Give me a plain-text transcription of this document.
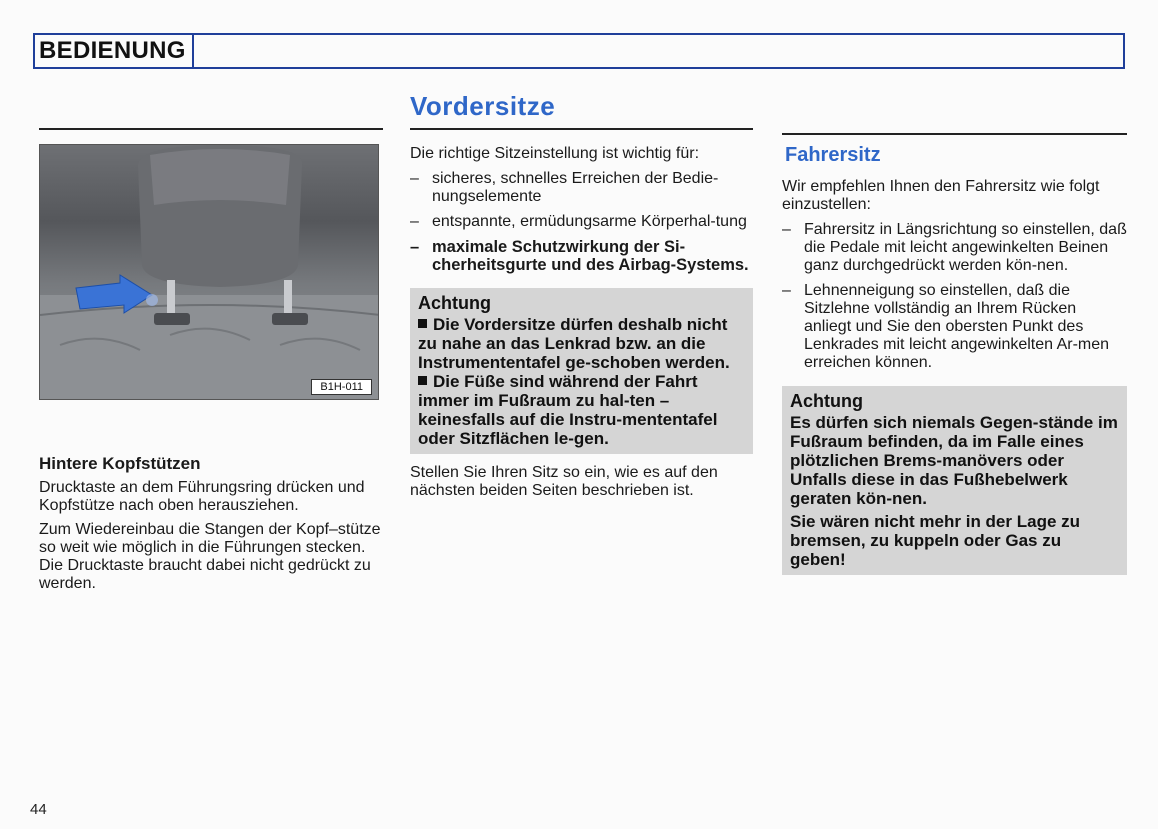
BEDIENUNG
Vordersitze
B1H-011

Hintere Kopfstützen

Drucktaste an dem Führungsring drücken und Kopfstütze nach oben herausziehen.

Zum Wiedereinbau die Stangen der Kopf–stütze so weit wie möglich in die Führungen stecken. Die Drucktaste braucht dabei nicht gedrückt zu werden.

Die richtige Sitzeinstellung ist wichtig für:

– sicheres, schnelles Erreichen der Bedie-nungselemente
– entspannte, ermüdungsarme Körperhal-tung
– maximale Schutzwirkung der Si-cherheitsgurte und des Airbag-Systems.
Achtung
Die Vordersitze dürfen deshalb nicht zu nahe an das Lenkrad bzw. an die Instrumententafel ge-schoben werden.
Die Füße sind während der Fahrt immer im Fußraum zu hal-ten – keinesfalls auf die Instru-mententafel oder Sitzflächen le-gen.

Stellen Sie Ihren Sitz so ein, wie es auf den nächsten beiden Seiten beschrieben ist.

Fahrersitz

Wir empfehlen Ihnen den Fahrersitz wie folgt einzustellen:

– Fahrersitz in Längsrichtung so einstellen, daß die Pedale mit leicht angewinkelten Beinen ganz durchgedrückt werden kön-nen.
– Lehnenneigung so einstellen, daß die Sitzlehne vollständig an Ihrem Rücken anliegt und Sie den obersten Punkt des Lenkrades mit leicht angewinkelten Ar-men erreichen können.
Achtung
Es dürfen sich niemals Gegen-stände im Fußraum befinden, da im Falle eines plötzlichen Brems-manövers oder Unfalls diese in das Fußhebelwerk geraten kön-nen.
Sie wären nicht mehr in der Lage zu bremsen, zu kuppeln oder Gas zu geben!
44
